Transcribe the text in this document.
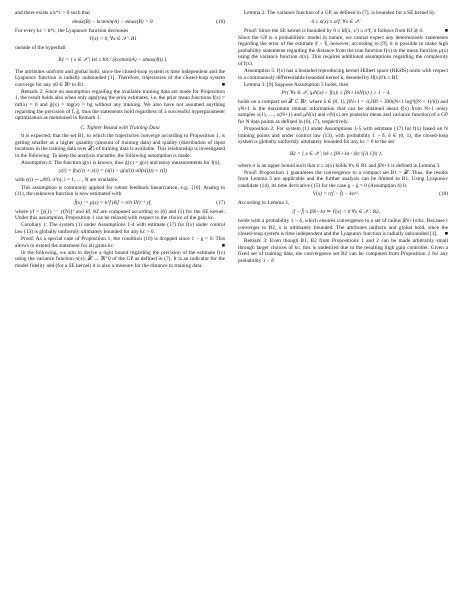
and there exists a k*c > 0 such that

σmax(B) − kcσmin(A) − σmax(B) < 0.	(16)

For every kc > k*c, the Lyapunov function decreases

V̇(x) < 0, ∀x ∈ 𝒳 \ B1

outside of the hyperball

B1 = { x ∈ 𝒳 | ‖x‖ ≤ ‖b‖ / (kcσmin(A) − σmax(B)) }.

The attributes uniform and global hold, since the closed-loop system is time independent and the Lyapunov function is radially unbounded [1]. Therefore, trajectories of the closed-loop system converge for any x0 ∈ ℝⁿ to B1.	■

Remark 2: Since no assumption regarding the available training data are made for Proposition 1, the result holds also when only applying the prior estimates, i.e. the prior mean functions f(x) = mf(x) = 0 and ĝ(x) = mg(x) = bg without any training. We also have not assumed anything regarding the precision of f̂, ĝ, thus the statements hold regardless of a successful hyperparameter optimization as mentioned in Remark 1.

C. Tighter Bound with Training Data

It is expected, that the set B1, to which the trajectories converge according to Proposition 1, is getting smaller as a higher quantity (amount of training data) and quality (distribution of input locations in the training data over 𝒳) of training data is available. This relationship is investigated in the following. To keep the analysis tractable, the following assumption is made:

Assumption 4: The function g(x) is known, thus ĝ(x) = g(x) and noisy measurements for f(x),

y(i) = f(x(i)) + ε(i) = (ẋ(i) − g(x(i)) u0(x(i))) + ε(i)

with ε(i) ∼ 𝒩(0, σ²n), i = 1, …, N are available.

This assumption is commonly applied for robust feedback linearization, e.g., [10]. Analog to (11), the unknown function is now estimated with

f̂(x) := μ(x) = kᵀf (Kf + σ²n IN)⁻¹ yf,	(17)

where yf = [y(1) ⋯ y(N)]ᵀ and kf, Kf are computed according to (8) and (5) for the SE kernel. Under this assumption, Proposition 1 can be relaxed with respect to the choice of the gain kc.

Corollary 1: The system (1) under Assumptions 1-4 with estimate (17) for f(x) under control law (13) is globally uniformly ultimately bounded for any kc > 0.

Proof: As a special case of Proposition 1, the condition (16) is dropped since 1 − g = 0. This allows to extend the statement for all gains kc.	■

In the following, we aim to derive a tight bound regarding the precision of the estimate f(x) using the variance function σ(x): 𝒳 → ℝ⁺0 of the GP as defined in (7). It is an indicator for the model fidelity and (for a SE kernel) it is also a measure for the distance to training data.

Lemma 2: The variance function of a GP, as defined in (7), is bounded for a SE kernel by

0 ≤ σ(x) ≤ σ²f, ∀x ∈ 𝒳.

Proof: Since the SE kernel is bounded by 0 ≤ kf(x, x′) ≤ σ²f, it follows from Kf ⪰ 0.	■

Since the GP is a probabilistic model in nature, we cannot expect any deterministic statements regarding the error of the estimate |f − f̂|, however, according to [9], it is possible to make high probability statements regarding the distance from the true function f(x) to the mean function μ(x) using the variance function σ(x). This requires additional assumptions regarding the complexity of f(x).

Assumption 5: f(x) has a bounded reproducing kernel Hilbert space (RKHS) norm with respect to a continuously differentiable bounded kernel k, denoted by ‖f(x)‖²k ≤ Bf.

Lemma 3: [9] Suppose Assumption 5 holds, then

Pr{ ∀x ∈ 𝒳, |μN(x) − f(x)| ≤ βN+1σN(x) } ≥ 1 − δ,

holds on a compact set 𝒳 ⊂ ℝⁿ, where δ ∈ (0, 1), βN+1 = √(2Bf + 300γN+1 log³((N + 1)/δ)) and γN+1 is the maximum mutual information that can be obtained about f(x) from N+1 noisy samples x(1), …, x(N+1) and μN(x) and σN(x) are posterior mean and variance function of a GP for N data points as defined in (6), (7), respectively.

Proposition 2: For system (1) under Assumptions 1-5 with estimate (17) for f(x) based on N training points and under control law (13), with probability 1 − δ, δ ∈ (0, 1), the closed-loop system is globally uniformly ultimately bounded for any kc > 0 to the set

B2 = { x ∈ 𝒳 | ‖x‖ ≤ βN+1σ / (kc ‖[Λ 1]‖) },

where σ is an upper bound such that σ ≥ σ(x) holds ∀x ∈ B1 and βN+1 is defined in Lemma 3.

Proof: Proposition 1 guarantees the convergence to a compact set B1 = 𝒳. Thus, the results from Lemma 3 are applicable and the further analysis can be limited to B1. Using Lyapunov candidate (14), its time derivative (15) for the case g − ĝ = 0 (Assumption 4) is

V̇(x) = r(f − f̂) − kcr².	(18)

According to Lemma 3,

|f − f̂| ≤ βN+1σ ⇒ V̇(x) < 0 ∀x ∈ 𝒳 \ B2,

holds with a probability 1 − δ, which ensures convergence to a set of radius βN+1σ/kc. Because r converges to B2, x is ultimately bounded. The attributes uniform and global hold, since the closed-loop system is time independent and the Lyapunov function is radially unbounded [1]. ■

Remark 3: Even though B1, B2 from Propositions 1 and 2 can be made arbitrarily small through larger choices of kc, this is undesired due to the resulting high gain controller. Given a fixed set of training data, the convergence set B2 can be computed from Proposition 2 for any probability 1 − δ
